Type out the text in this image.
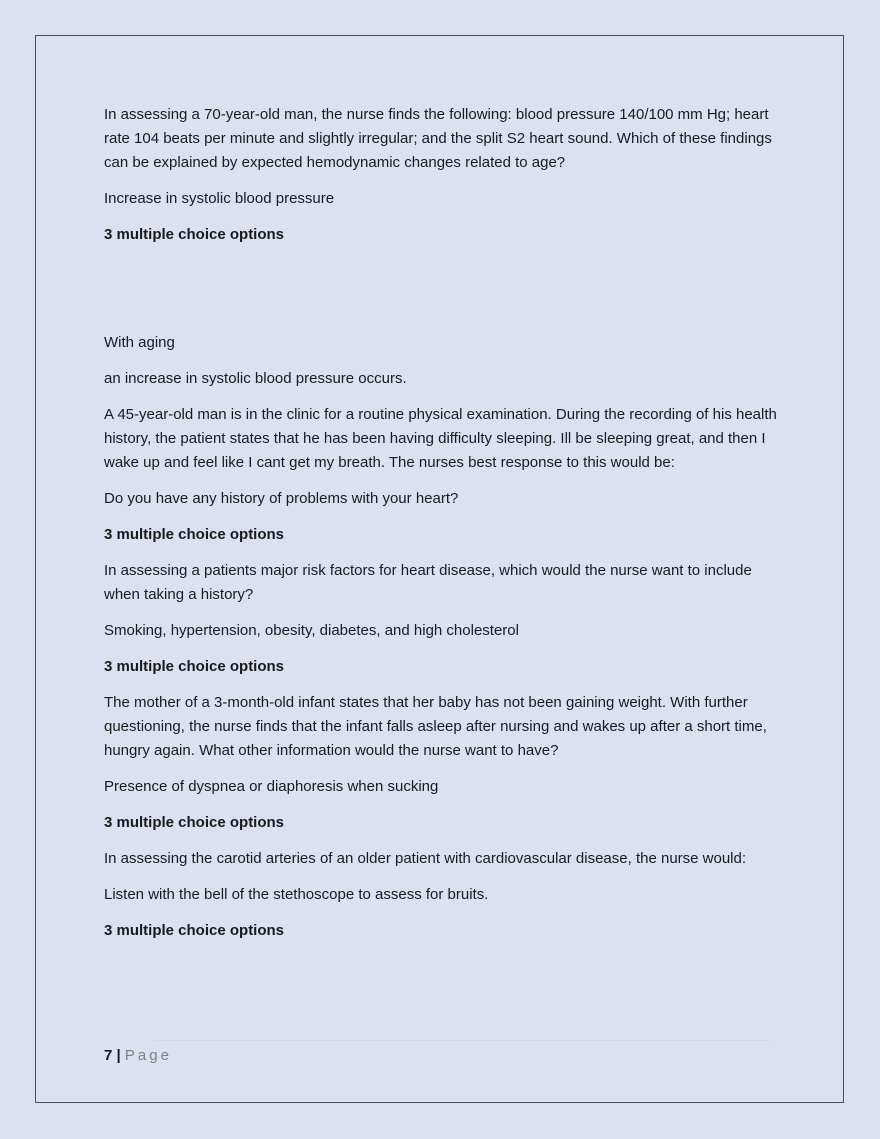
In assessing a 70-year-old man, the nurse finds the following: blood pressure 140/100 mm Hg; heart rate 104 beats per minute and slightly irregular; and the split S2 heart sound. Which of these findings can be explained by expected hemodynamic changes related to age?

Increase in systolic blood pressure

3 multiple choice options

With aging

an increase in systolic blood pressure occurs.

A 45-year-old man is in the clinic for a routine physical examination. During the recording of his health history, the patient states that he has been having difficulty sleeping. Ill be sleeping great, and then I wake up and feel like I cant get my breath. The nurses best response to this would be:

Do you have any history of problems with your heart?

3 multiple choice options

In assessing a patients major risk factors for heart disease, which would the nurse want to include when taking a history?

Smoking, hypertension, obesity, diabetes, and high cholesterol

3 multiple choice options

The mother of a 3-month-old infant states that her baby has not been gaining weight. With further questioning, the nurse finds that the infant falls asleep after nursing and wakes up after a short time, hungry again. What other information would the nurse want to have?

Presence of dyspnea or diaphoresis when sucking

3 multiple choice options

In assessing the carotid arteries of an older patient with cardiovascular disease, the nurse would:

Listen with the bell of the stethoscope to assess for bruits.

3 multiple choice options

7 | Page
